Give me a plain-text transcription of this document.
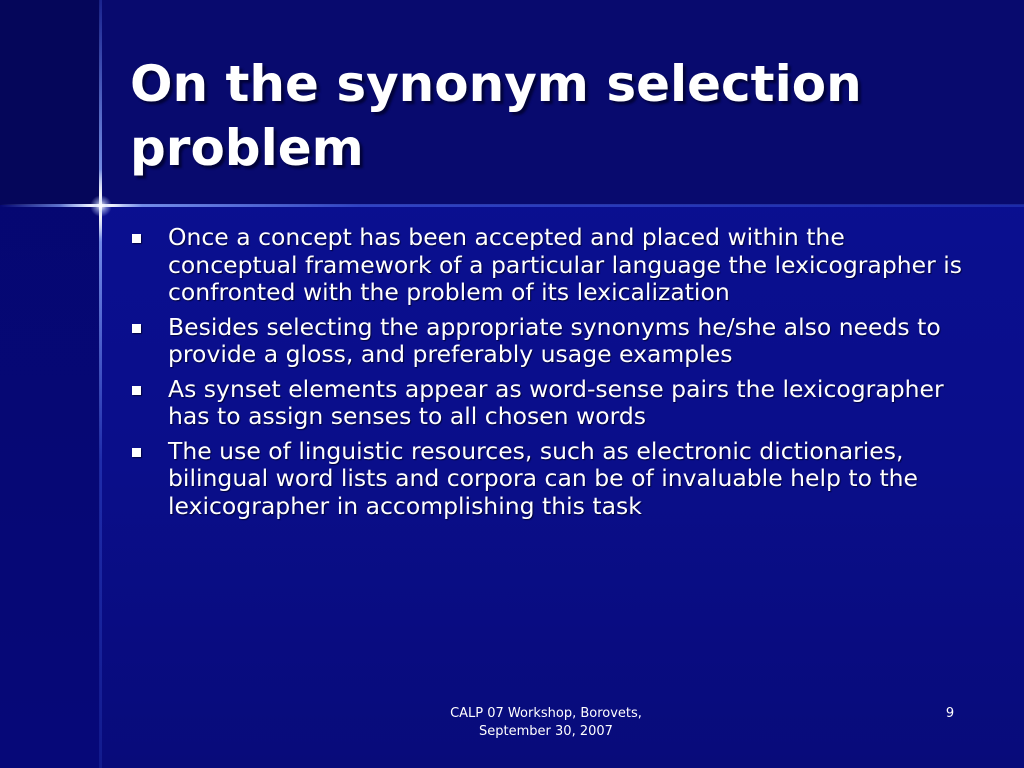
On the synonym selection problem
Once a concept has been accepted and placed within the conceptual framework of a particular language the lexicographer is confronted with the problem of its lexicalization
Besides selecting the appropriate synonyms he/she also needs to provide a gloss, and preferably usage examples
As synset elements appear as word-sense pairs the lexicographer has to assign senses to all chosen words
The use of linguistic resources, such as electronic dictionaries, bilingual word lists and corpora can be of invaluable help to the lexicographer in accomplishing this task
CALP 07 Workshop, Borovets,
September 30, 2007
9
